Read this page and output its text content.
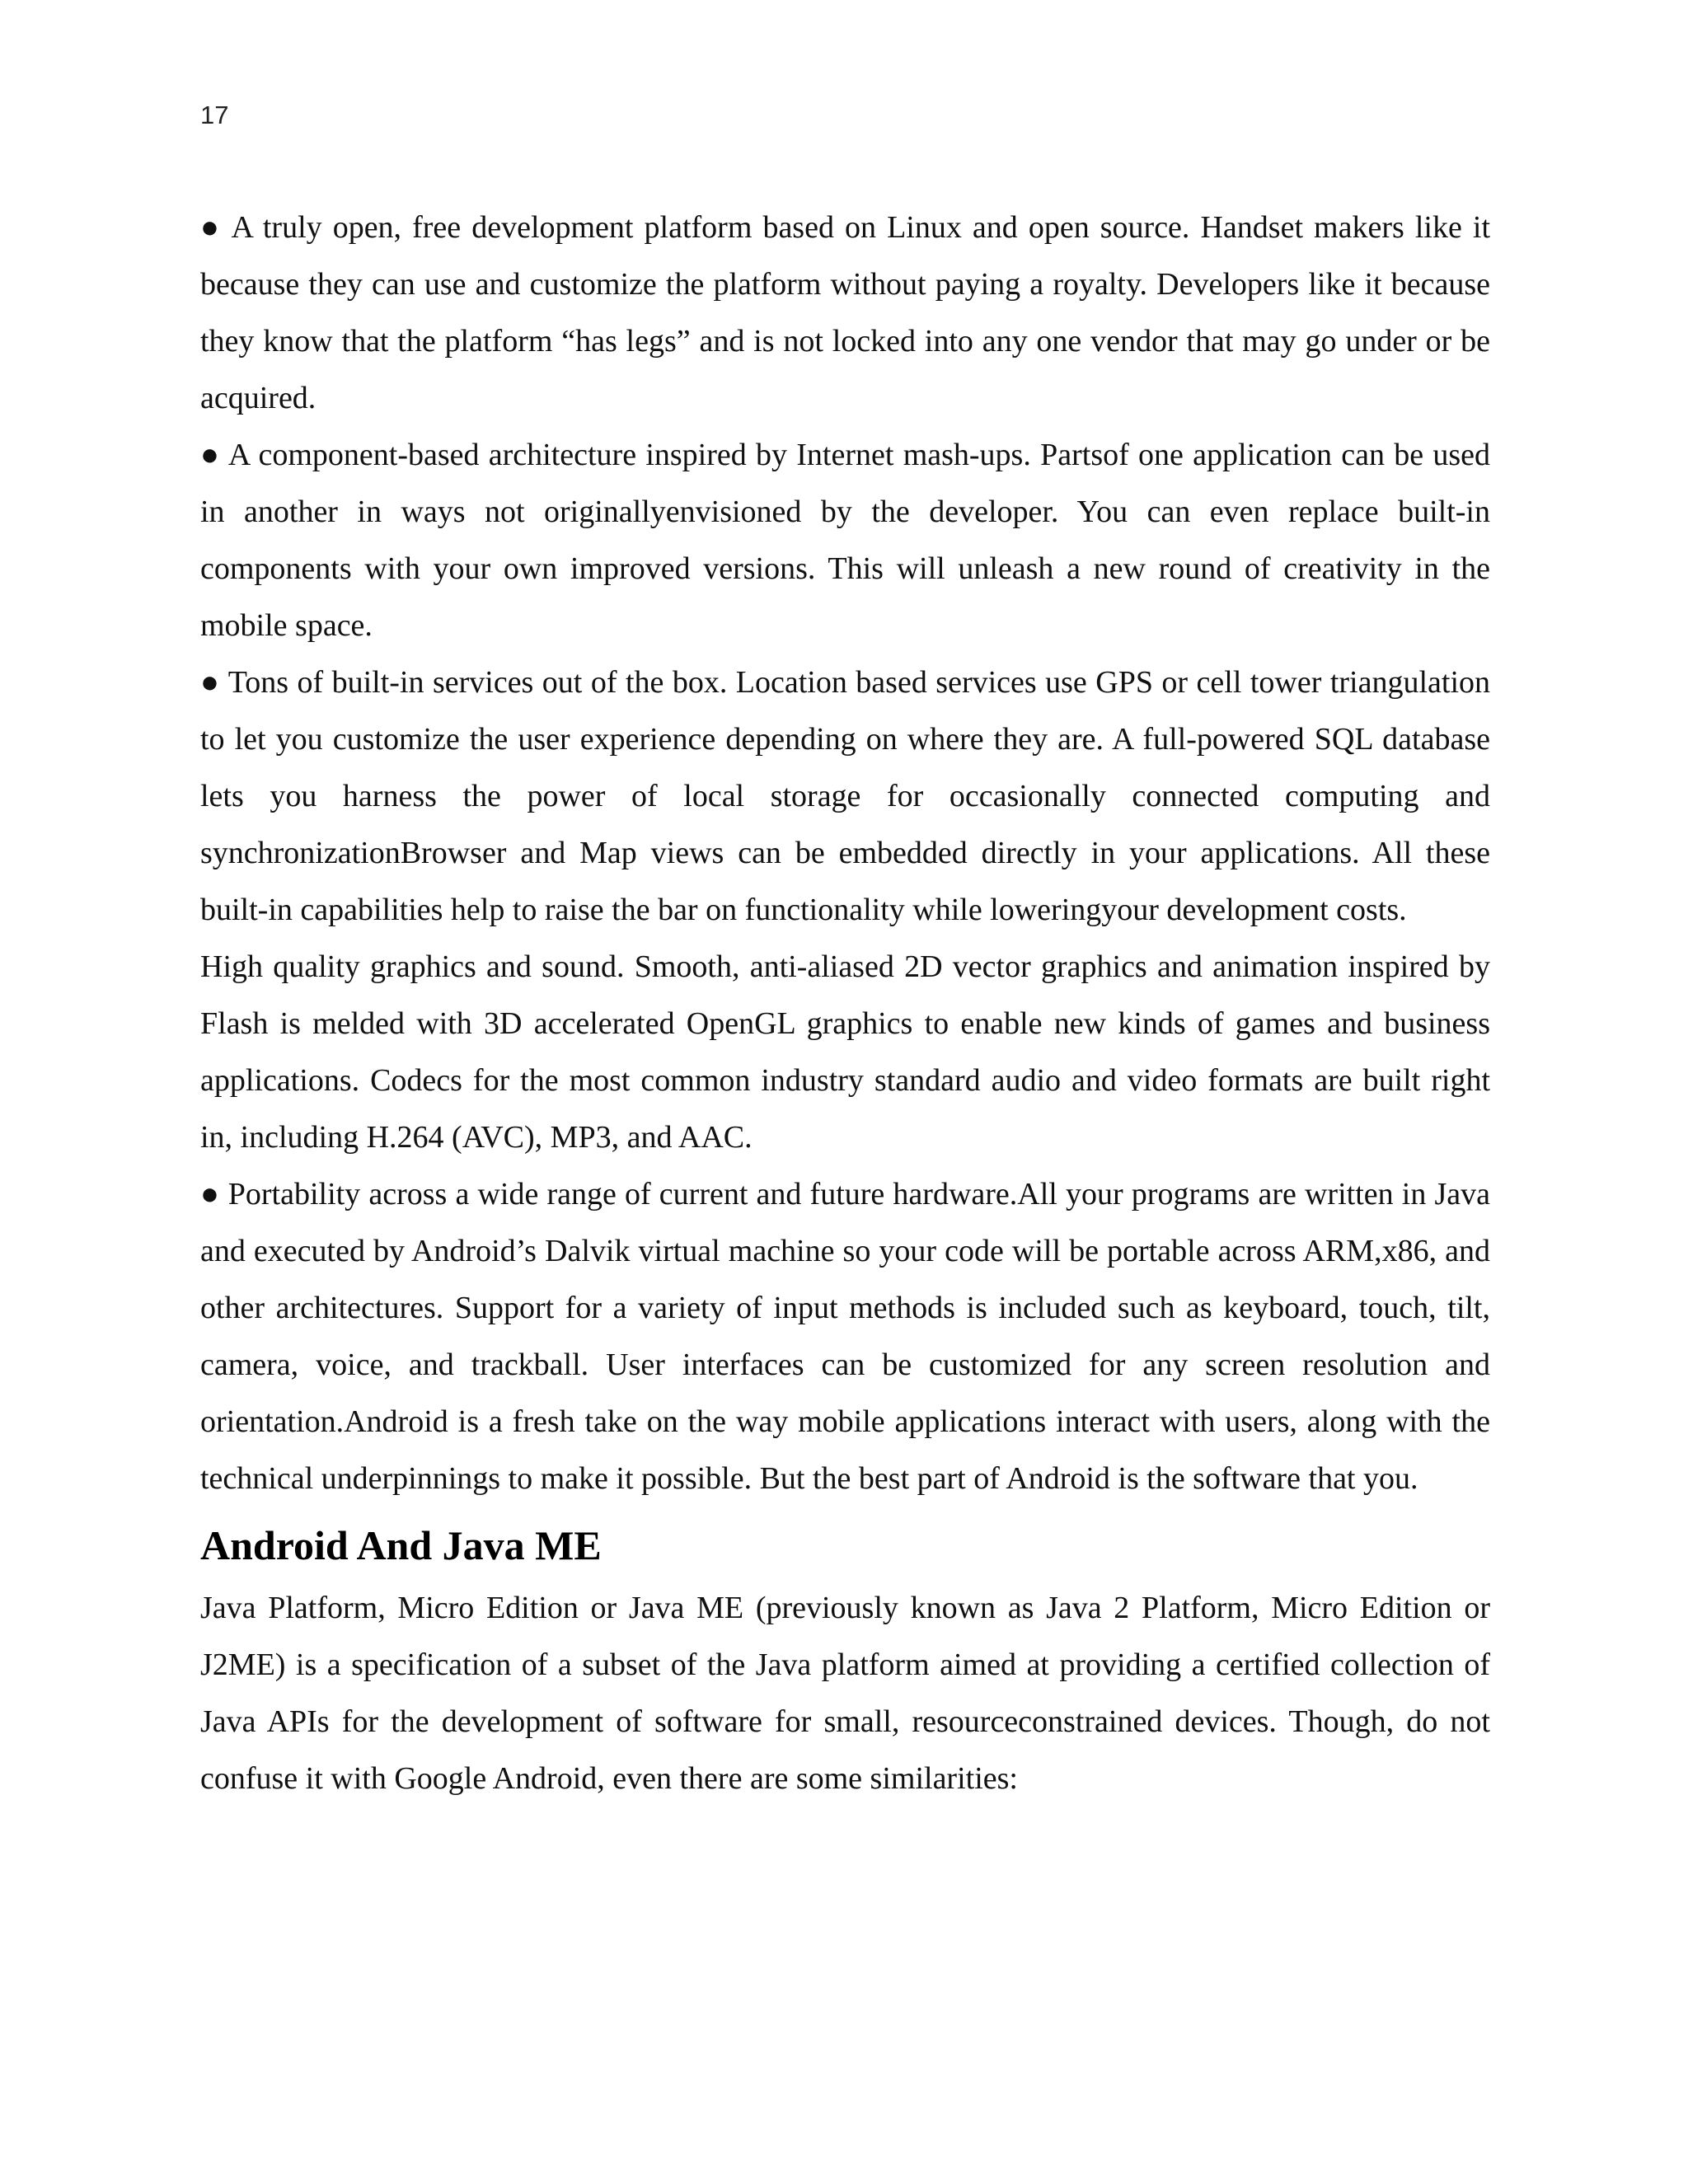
17

● A truly open, free development platform based on Linux and open source. Handset makers like it because they can use and customize the platform without paying a royalty. Developers like it because they know that the platform “has legs” and is not locked into any one vendor that may go under or be acquired.

● A component-based architecture inspired by Internet mash-ups. Partsof one application can be used in another in ways not originallyenvisioned by the developer. You can even replace built-in components with your own improved versions. This will unleash a new round of creativity in the mobile space.

● Tons of built-in services out of the box. Location based services use GPS or cell tower triangulation to let you customize the user experience depending on where they are. A full-powered SQL database lets you harness the power of local storage for occasionally connected computing and synchronizationBrowser and Map views can be embedded directly in your applications. All these built-in capabilities help to raise the bar on functionality while loweringyour development costs.

High quality graphics and sound. Smooth, anti-aliased 2D vector graphics and animation inspired by Flash is melded with 3D accelerated OpenGL graphics to enable new kinds of games and business applications. Codecs for the most common industry standard audio and video formats are built right in, including H.264 (AVC), MP3, and AAC.

● Portability across a wide range of current and future hardware.All your programs are written in Java and executed by Android’s Dalvik virtual machine so your code will be portable across ARM,x86, and other architectures. Support for a variety of input methods is included such as keyboard, touch, tilt, camera, voice, and trackball. User interfaces can be customized for any screen resolution and orientation.Android is a fresh take on the way mobile applications interact with users, along with the technical underpinnings to make it possible. But the best part of Android is the software that you.

Android And Java ME

Java Platform, Micro Edition or Java ME (previously known as Java 2 Platform, Micro Edition or J2ME) is a specification of a subset of the Java platform aimed at providing a certified collection of Java APIs for the development of software for small, resourceconstrained devices. Though, do not confuse it with Google Android, even there are some similarities:
